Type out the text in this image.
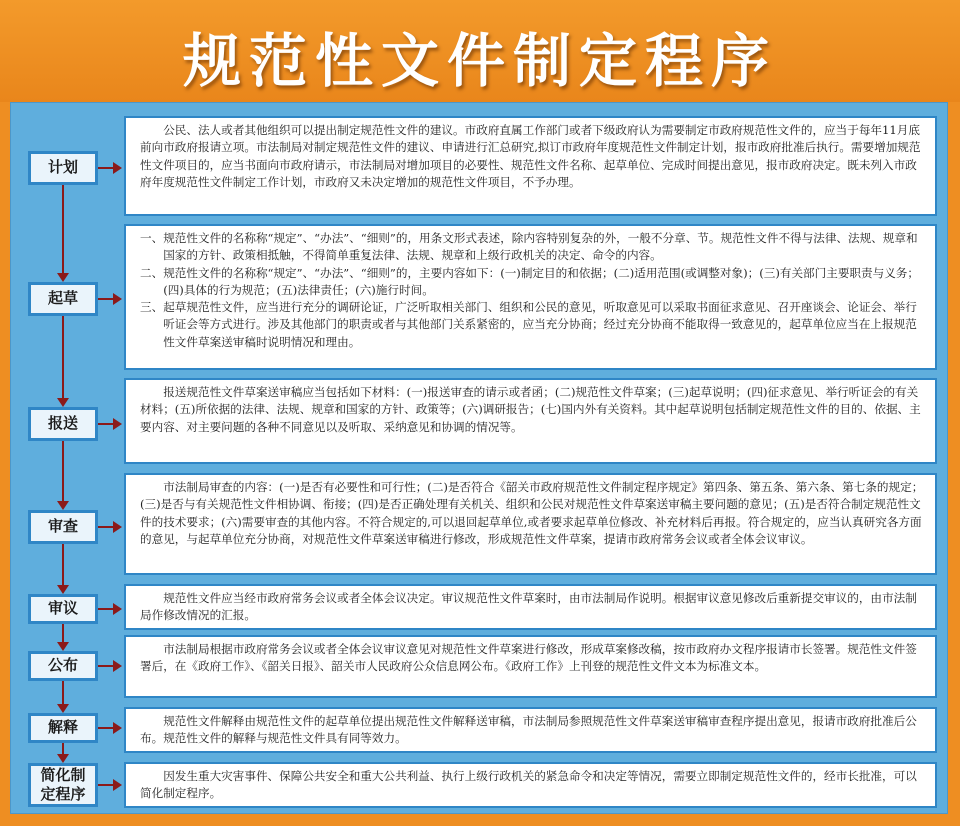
规范性文件制定程序
计划
起草
报送
审查
审议
公布
解释
简化制定程序

公民、法人或者其他组织可以提出制定规范性文件的建议。市政府直属工作部门或者下级政府认为需要制定市政府规范性文件的，应当于每年11月底前向市政府报请立项。市法制局对制定规范性文件的建议、申请进行汇总研究,拟订市政府年度规范性文件制定计划，报市政府批准后执行。需要增加规范性文件项目的，应当书面向市政府请示，市法制局对增加项目的必要性、规范性文件名称、起草单位、完成时间提出意见，报市政府决定。既未列入市政府年度规范性文件制定工作计划，市政府又未决定增加的规范性文件项目，不予办理。

一、规范性文件的名称称“规定”、“办法”、“细则”的，用条文形式表述，除内容特别复杂的外，一般不分章、节。规范性文件不得与法律、法规、规章和国家的方针、政策相抵触，不得简单重复法律、法规、规章和上级行政机关的决定、命令的内容。
二、规范性文件的名称称“规定”、“办法”、“细则”的，主要内容如下：(一)制定目的和依据；(二)适用范围(或调整对象)；(三)有关部门主要职责与义务；(四)具体的行为规范；(五)法律责任；(六)施行时间。
三、起草规范性文件，应当进行充分的调研论证，广泛听取相关部门、组织和公民的意见，听取意见可以采取书面征求意见、召开座谈会、论证会、举行听证会等方式进行。涉及其他部门的职责或者与其他部门关系紧密的，应当充分协商；经过充分协商不能取得一致意见的，起草单位应当在上报规范性文件草案送审稿时说明情况和理由。

报送规范性文件草案送审稿应当包括如下材料：(一)报送审查的请示或者函；(二)规范性文件草案；(三)起草说明；(四)征求意见、举行听证会的有关材料；(五)所依据的法律、法规、规章和国家的方针、政策等；(六)调研报告；(七)国内外有关资料。其中起草说明包括制定规范性文件的目的、依据、主要内容、对主要问题的各种不同意见以及听取、采纳意见和协调的情况等。

市法制局审查的内容：(一)是否有必要性和可行性；(二)是否符合《韶关市政府规范性文件制定程序规定》第四条、第五条、第六条、第七条的规定；(三)是否与有关规范性文件相协调、衔接；(四)是否正确处理有关机关、组织和公民对规范性文件草案送审稿主要问题的意见；(五)是否符合制定规范性文件的技术要求；(六)需要审查的其他内容。不符合规定的,可以退回起草单位,或者要求起草单位修改、补充材料后再报。符合规定的，应当认真研究各方面的意见，与起草单位充分协商，对规范性文件草案送审稿进行修改，形成规范性文件草案，提请市政府常务会议或者全体会议审议。

规范性文件应当经市政府常务会议或者全体会议决定。审议规范性文件草案时，由市法制局作说明。根据审议意见修改后重新提交审议的，由市法制局作修改情况的汇报。

市法制局根据市政府常务会议或者全体会议审议意见对规范性文件草案进行修改，形成草案修改稿，按市政府办文程序报请市长签署。规范性文件签署后，在《政府工作》、《韶关日报》、韶关市人民政府公众信息网公布。《政府工作》上刊登的规范性文件文本为标准文本。

规范性文件解释由规范性文件的起草单位提出规范性文件解释送审稿，市法制局参照规范性文件草案送审稿审查程序提出意见，报请市政府批准后公布。规范性文件的解释与规范性文件具有同等效力。

因发生重大灾害事件、保障公共安全和重大公共利益、执行上级行政机关的紧急命令和决定等情况，需要立即制定规范性文件的，经市长批准，可以简化制定程序。
